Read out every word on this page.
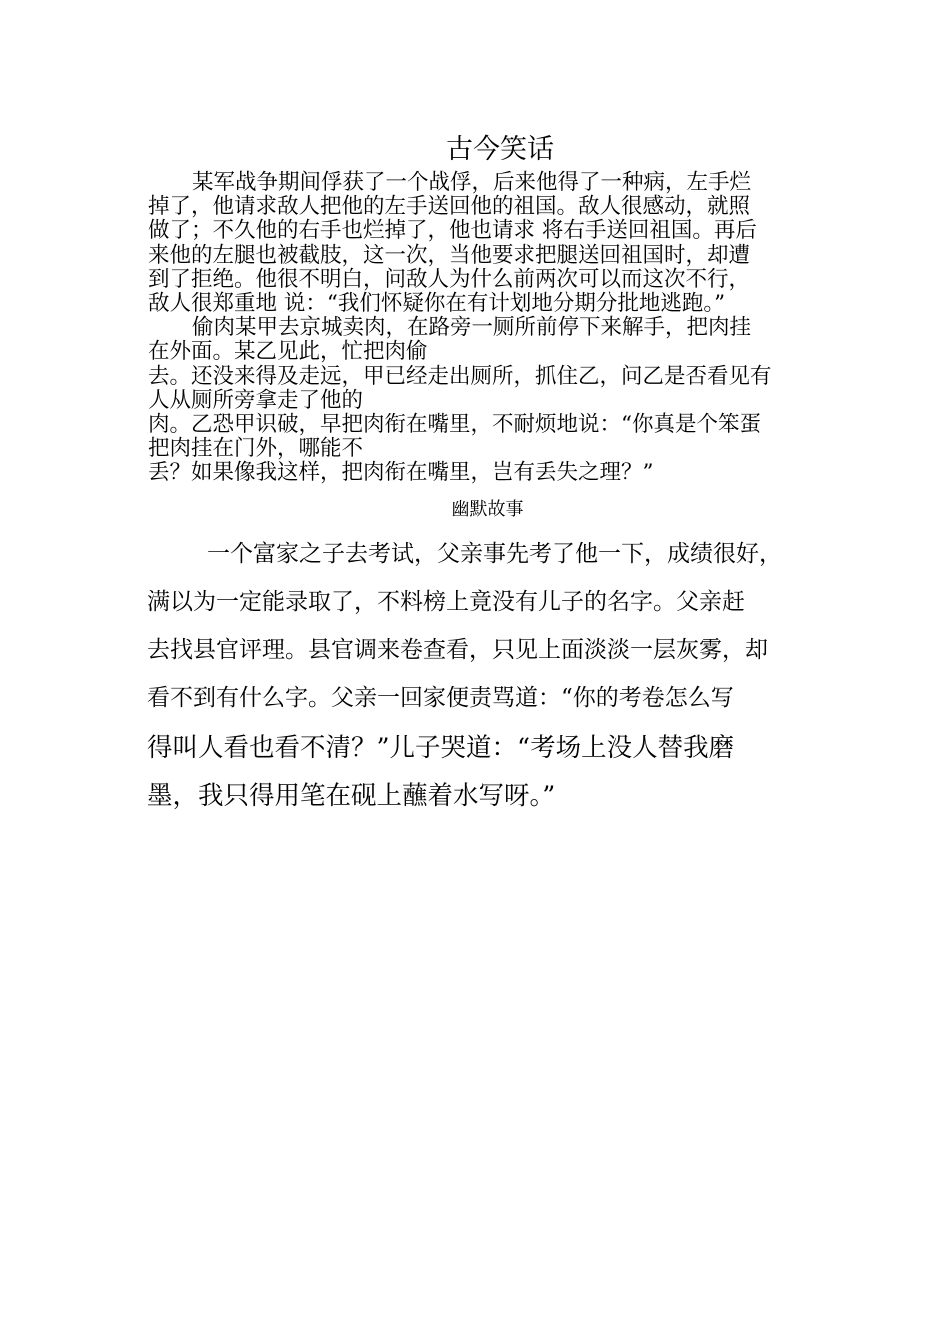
古今笑话

某军战争期间俘获了一个战俘，后来他得了一种病，左手烂

掉了，他请求敌人把他的左手送回他的祖国。敌人很感动，就照

做了；不久他的右手也烂掉了，他也请求 将右手送回祖国。再后

来他的左腿也被截肢，这一次，当他要求把腿送回祖国时，却遭

到了拒绝。他很不明白，问敌人为什么前两次可以而这次不行，

敌人很郑重地 说：“我们怀疑你在有计划地分期分批地逃跑。”

偷肉某甲去京城卖肉，在路旁一厕所前停下来解手，把肉挂

在外面。某乙见此，忙把肉偷

去。还没来得及走远，甲已经走出厕所，抓住乙，问乙是否看见有

人从厕所旁拿走了他的

肉。乙恐甲识破，早把肉衔在嘴里，不耐烦地说：“你真是个笨蛋

把肉挂在门外，哪能不

丢？如果像我这样，把肉衔在嘴里，岂有丢失之理？”

幽默故事
一个富家之子去考试，父亲事先考了他一下，成绩很好，
满以为一定能录取了，不料榜上竟没有儿子的名字。父亲赶
去找县官评理。县官调来卷查看，只见上面淡淡一层灰雾，却
看不到有什么字。父亲一回家便责骂道：“你的考卷怎么写
得叫人看也看不清？”儿子哭道：“考场上没人替我磨
墨，我只得用笔在砚上蘸着水写呀。”
